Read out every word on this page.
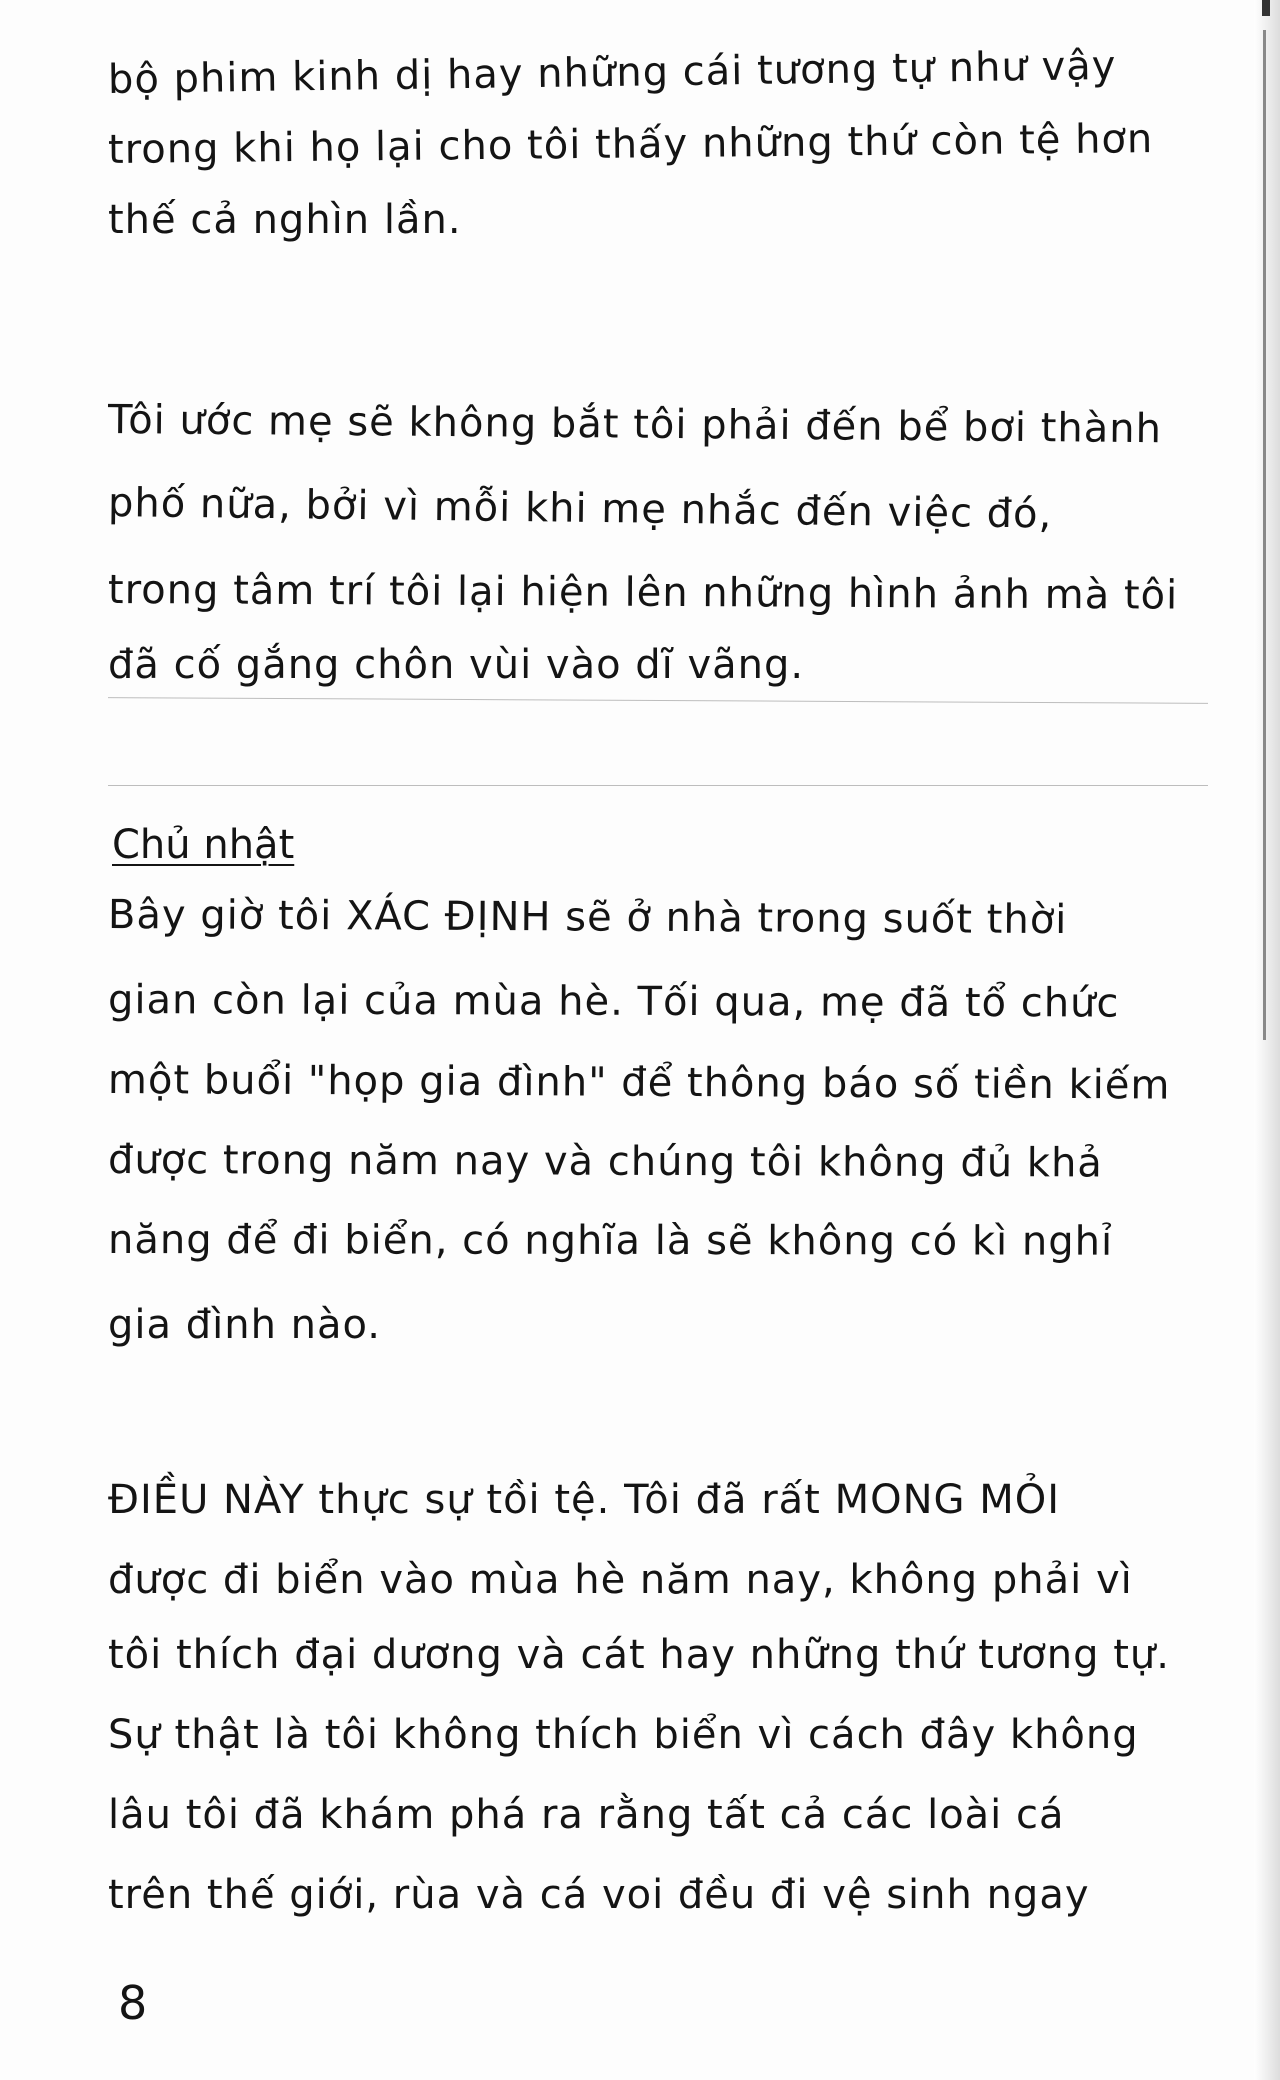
bộ phim kinh dị hay những cái tương tự như vậy
trong khi họ lại cho tôi thấy những thứ còn tệ hơn
thế cả nghìn lần.
Tôi ước mẹ sẽ không bắt tôi phải đến bể bơi thành
phố nữa, bởi vì mỗi khi mẹ nhắc đến việc đó,
trong tâm trí tôi lại hiện lên những hình ảnh mà tôi
đã cố gắng chôn vùi vào dĩ vãng.
Chủ nhật
Bây giờ tôi XÁC ĐỊNH sẽ ở nhà trong suốt thời
gian còn lại của mùa hè. Tối qua, mẹ đã tổ chức
một buổi "họp gia đình" để thông báo số tiền kiếm
được trong năm nay và chúng tôi không đủ khả
năng để đi biển, có nghĩa là sẽ không có kì nghỉ
gia đình nào.
ĐIỀU NÀY thực sự tồi tệ. Tôi đã rất MONG MỎI
được đi biển vào mùa hè năm nay, không phải vì
tôi thích đại dương và cát hay những thứ tương tự.
Sự thật là tôi không thích biển vì cách đây không
lâu tôi đã khám phá ra rằng tất cả các loài cá
trên thế giới, rùa và cá voi đều đi vệ sinh ngay
8
